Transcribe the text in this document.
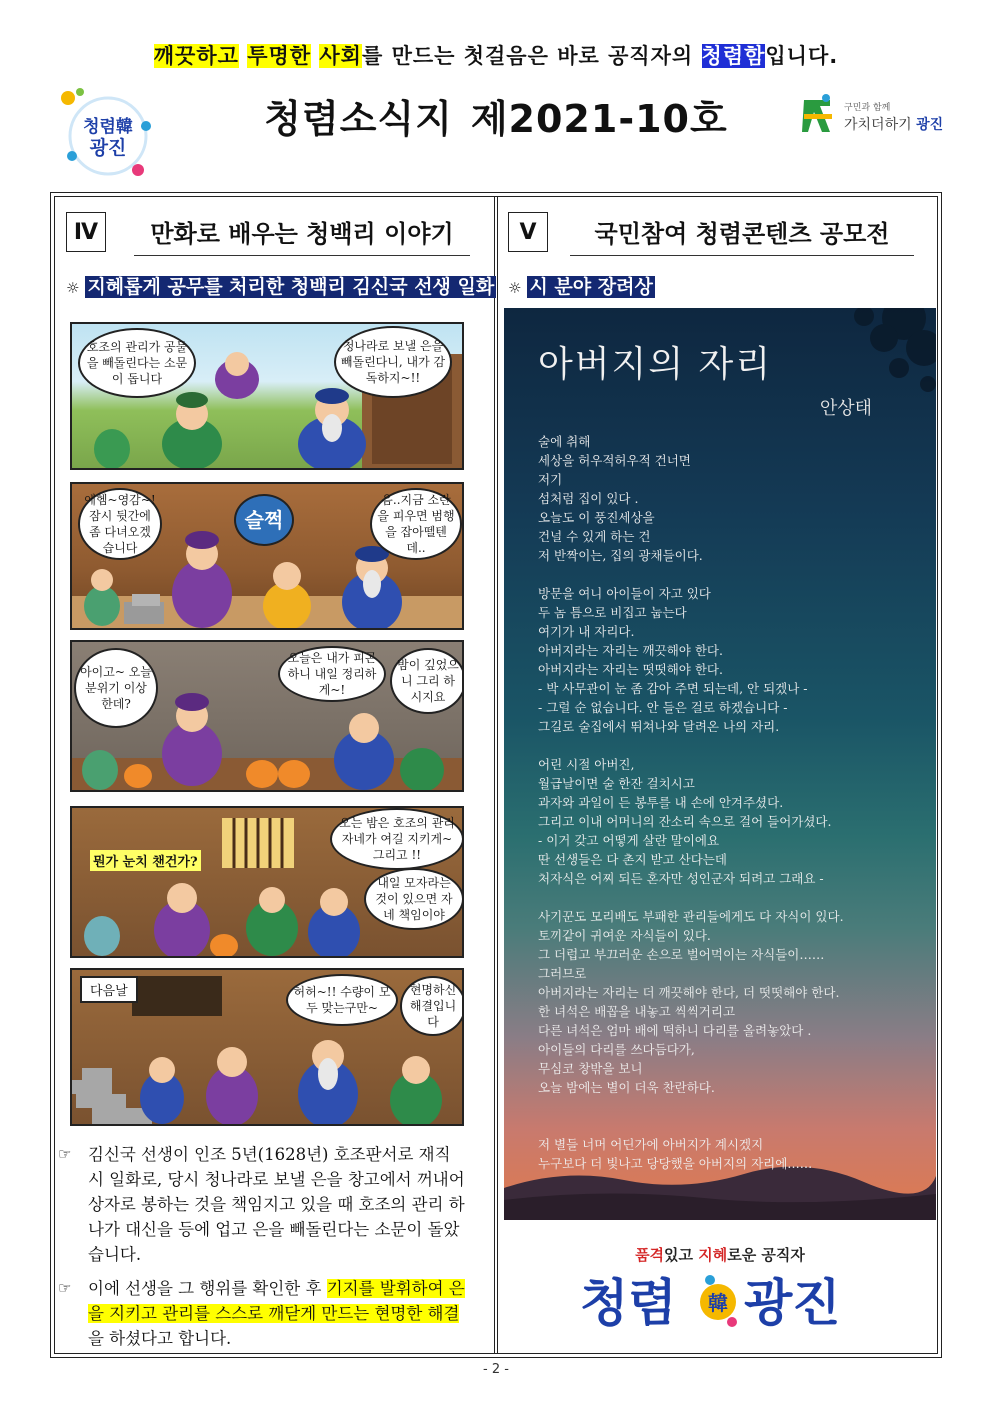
깨끗하고 투명한 사회를 만드는 첫걸음은 바로 공직자의 청렴함입니다.
청렴韓
광진
청렴소식지 제2021-10호	구민과 함께
가치더하기 광진
Ⅳ	만화로 배우는 청백리 이야기
☼ 지혜롭게 공무를 처리한 청백리 김신국 선생 일화
Ⅴ	국민참여 청렴콘텐츠 공모전
☼ 시 분야 장려상
호조의 관리가 공물을 빼돌린다는 소문이 돕니다
청나라로 보낼 은을 빼돌린다니, 내가 감독하지~!!
에헴~영감~! 잠시 뒷간에 좀 다녀오겠습니다
슬쩍
음..지금 소란을 피우면 범행을 잡아뗄텐데..
아이고~ 오늘 분위기 이상한데?
오늘은 내가 피곤하니 내일 정리하게~!
밤이 깊었으니 그리 하시지요
오는 밤은 호조의 관리 자네가 여길 지키게~ 그리고 !!
뭔가 눈치 챈건가?
내일 모자라는 것이 있으면 자네 책임이야
다음날	허허~!! 수량이 모두 맞는구만~
현명하신 해결입니다
☞ 김신국 선생이 인조 5년(1628년) 호조판서로 재직 시 일화로, 당시 청나라로 보낼 은을 창고에서 꺼내어 상자로 봉하는 것을 책임지고 있을 때 호조의 관리 하나가 대신을 등에 업고 은을 빼돌린다는 소문이 돌았습니다.
☞ 이에 선생을 그 행위를 확인한 후 기지를 발휘하여 은을 지키고 관리를 스스로 깨닫게 만드는 현명한 해결을 하셨다고 합니다.
아버지의 자리
안상태
술에 취해
세상을 허우적허우적 건너면
저기
섬처럼 집이 있다 .
오늘도 이 풍진세상을
건널 수 있게 하는 건
저 반짝이는, 집의 광채들이다.
방문을 여니 아이들이 자고 있다
두 놈 틈으로 비집고 눕는다
여기가 내 자리다.
아버지라는 자리는 깨끗해야 한다.
아버지라는 자리는 떳떳해야 한다.
- 박 사무관이 눈 좀 감아 주면 되는데, 안 되겠나 -
- 그럴 순 없습니다. 안 들은 걸로 하겠습니다 -
그길로 술집에서 뛰쳐나와 달려온 나의 자리.
어린 시절 아버진,
월급날이면 술 한잔 걸치시고
과자와 과일이 든 봉투를 내 손에 안겨주셨다.
그리고 이내 어머니의 잔소리 속으로 걸어 들어가셨다.
- 이거 갖고 어떻게 살란 말이에요
딴 선생들은 다 촌지 받고 산다는데
처자식은 어찌 되든 혼자만 성인군자 되려고 그래요 -
사기꾼도 모리배도 부패한 관리들에게도 다 자식이 있다.
토끼같이 귀여운 자식들이 있다.
그 더럽고 부끄러운 손으로 벌어먹이는 자식들이……
그러므로
아버지라는 자리는 더 깨끗해야 한다, 더 떳떳해야 한다.
한 녀석은 배꼽을 내놓고 씩씩거리고
다른 녀석은 엄마 배에 떡하니 다리를 올려놓았다 .
아이들의 다리를 쓰다듬다가,
무심코 창밖을 보니
오늘 밤에는 별이 더욱 찬란하다.
저 별들 너머 어딘가에 아버지가 계시겠지
누구보다 더 빛나고 당당했을 아버지의 자리에……
품격있고 지혜로운 공직자
청렴 韓 광진
- 2 -
